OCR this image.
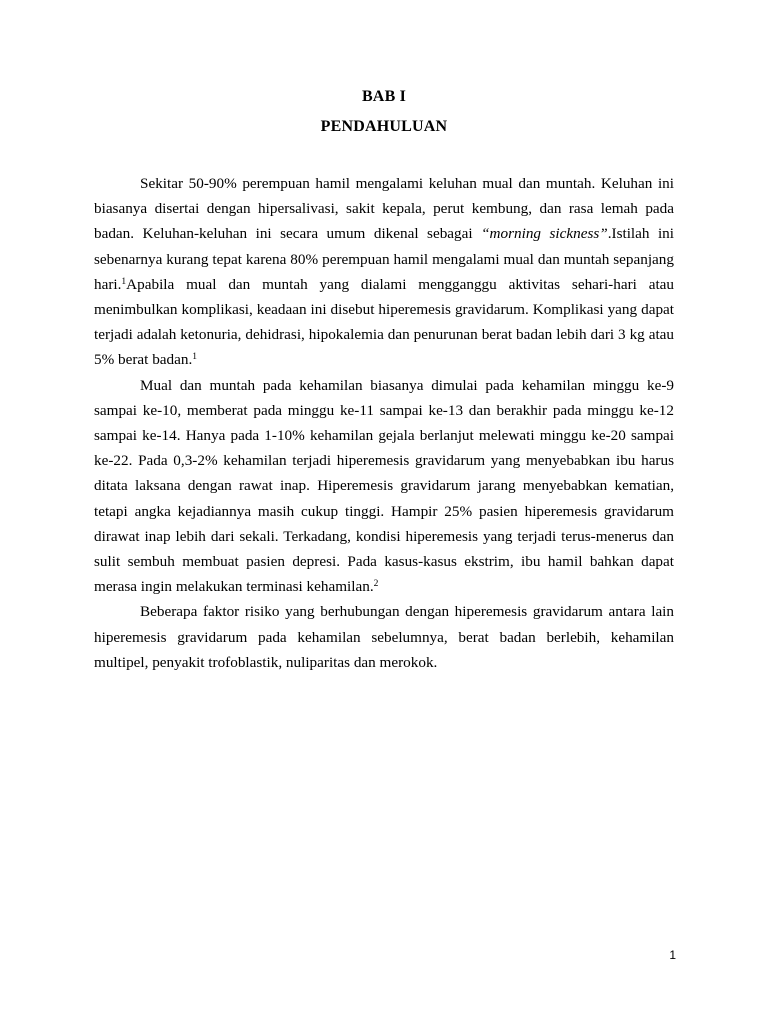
BAB I
PENDAHULUAN

Sekitar 50-90% perempuan hamil mengalami keluhan mual dan muntah. Keluhan ini biasanya disertai dengan hipersalivasi, sakit kepala, perut kembung, dan rasa lemah pada badan. Keluhan-keluhan ini secara umum dikenal sebagai “morning sickness”.Istilah ini sebenarnya kurang tepat karena 80% perempuan hamil mengalami mual dan muntah sepanjang hari.$^1$Apabila mual dan muntah yang dialami mengganggu aktivitas sehari-hari atau menimbulkan komplikasi, keadaan ini disebut hiperemesis gravidarum. Komplikasi yang dapat terjadi adalah ketonuria, dehidrasi, hipokalemia dan penurunan berat badan lebih dari 3 kg atau 5% berat badan.$^1$

Mual dan muntah pada kehamilan biasanya dimulai pada kehamilan minggu ke-9 sampai ke-10, memberat pada minggu ke-11 sampai ke-13 dan berakhir pada minggu ke-12 sampai ke-14. Hanya pada 1-10% kehamilan gejala berlanjut melewati minggu ke-20 sampai ke-22. Pada 0,3-2% kehamilan terjadi hiperemesis gravidarum yang menyebabkan ibu harus ditata laksana dengan rawat inap. Hiperemesis gravidarum jarang menyebabkan kematian, tetapi angka kejadiannya masih cukup tinggi. Hampir 25% pasien hiperemesis gravidarum dirawat inap lebih dari sekali. Terkadang, kondisi hiperemesis yang terjadi terus-menerus dan sulit sembuh membuat pasien depresi. Pada kasus-kasus ekstrim, ibu hamil bahkan dapat merasa ingin melakukan terminasi kehamilan.$^2$

Beberapa faktor risiko yang berhubungan dengan hiperemesis gravidarum antara lain hiperemesis gravidarum pada kehamilan sebelumnya, berat badan berlebih, kehamilan multipel, penyakit trofoblastik, nuliparitas dan merokok.

1
